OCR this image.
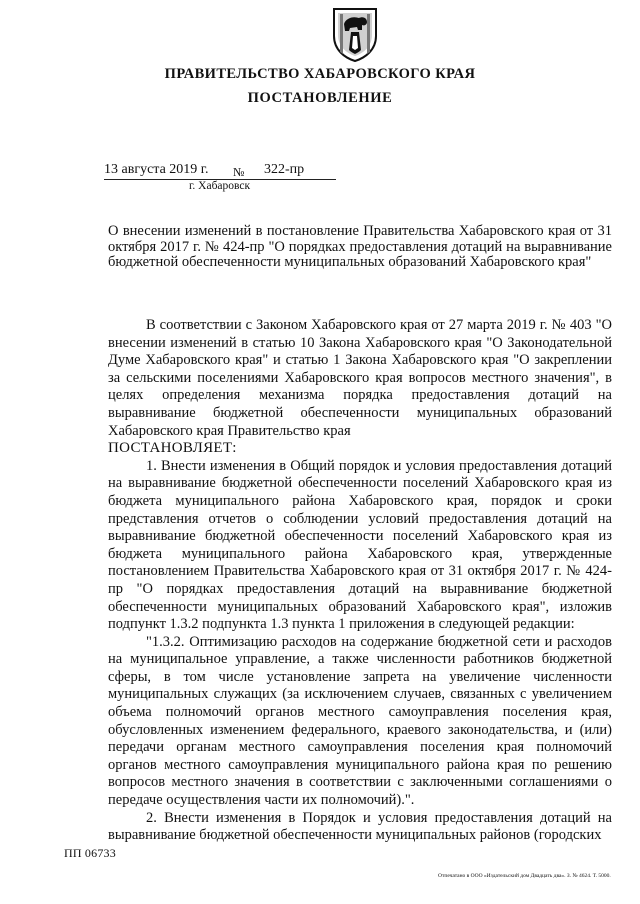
ПРАВИТЕЛЬСТВО ХАБАРОВСКОГО КРАЯ
ПОСТАНОВЛЕНИЕ
13 августа 2019 г. № 322-пр
г. Хабаровск
О внесении изменений в постановление Правительства Хабаровского края от 31 октября 2017 г. № 424-пр "О порядках предоставления дотаций на выравнивание бюджетной обеспеченности муниципальных образований Хабаровского края"

В соответствии с Законом Хабаровского края от 27 марта 2019 г. № 403 "О внесении изменений в статью 10 Закона Хабаровского края "О Законодательной Думе Хабаровского края" и статью 1 Закона Хабаровского края "О закреплении за сельскими поселениями Хабаровского края вопросов местного значения", в целях определения механизма порядка предоставления дотаций на выравнивание бюджетной обеспеченности муниципальных образований Хабаровского края Правительство края

ПОСТАНОВЛЯЕТ:

1. Внести изменения в Общий порядок и условия предоставления дотаций на выравнивание бюджетной обеспеченности поселений Хабаровского края из бюджета муниципального района Хабаровского края, порядок и сроки представления отчетов о соблюдении условий предоставления дотаций на выравнивание бюджетной обеспеченности поселений Хабаровского края из бюджета муниципального района Хабаровского края, утвержденные постановлением Правительства Хабаровского края от 31 октября 2017 г. № 424-пр "О порядках предоставления дотаций на выравнивание бюджетной обеспеченности муниципальных образований Хабаровского края", изложив подпункт 1.3.2 подпункта 1.3 пункта 1 приложения в следующей редакции:

"1.3.2. Оптимизацию расходов на содержание бюджетной сети и расходов на муниципальное управление, а также численности работников бюджетной сферы, в том числе установление запрета на увеличение численности муниципальных служащих (за исключением случаев, связанных с увеличением объема полномочий органов местного самоуправления поселения края, обусловленных изменением федерального, краевого законодательства, и (или) передачи органам местного самоуправления поселения края полномочий органов местного самоуправления муниципального района края по решению вопросов местного значения в соответствии с заключенными соглашениями о передаче осуществления части их полномочий).".

2. Внести изменения в Порядок и условия предоставления дотаций на выравнивание бюджетной обеспеченности муниципальных районов (городских

ПП 06733
Отпечатано в ООО «Издательский дом Двадцать два». З. № 4624. Т. 5000.
